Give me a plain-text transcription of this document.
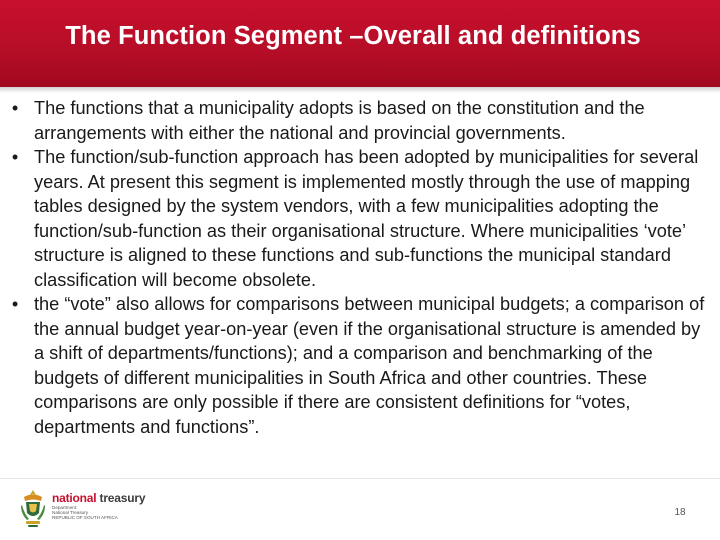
The Function Segment –Overall and definitions
• The functions that a municipality adopts is based on the constitution and the arrangements with either the national and provincial governments.
• The function/sub-function approach has been adopted by municipalities for several years. At present this segment is implemented mostly through the use of mapping tables designed by the system vendors, with a few municipalities adopting the function/sub-function as their organisational structure. Where municipalities ‘vote’ structure is aligned to these functions and sub-functions the municipal standard classification will become obsolete.
• the “vote” also allows for comparisons between municipal budgets; a comparison of the annual budget year-on-year (even if the organisational structure is amended by a shift of departments/functions); and a comparison and benchmarking of the budgets of different municipalities in South Africa and other countries. These comparisons are only possible if there are consistent definitions for “votes, departments and functions”.
national treasury
Department:
National Treasury
REPUBLIC OF SOUTH AFRICA	18
